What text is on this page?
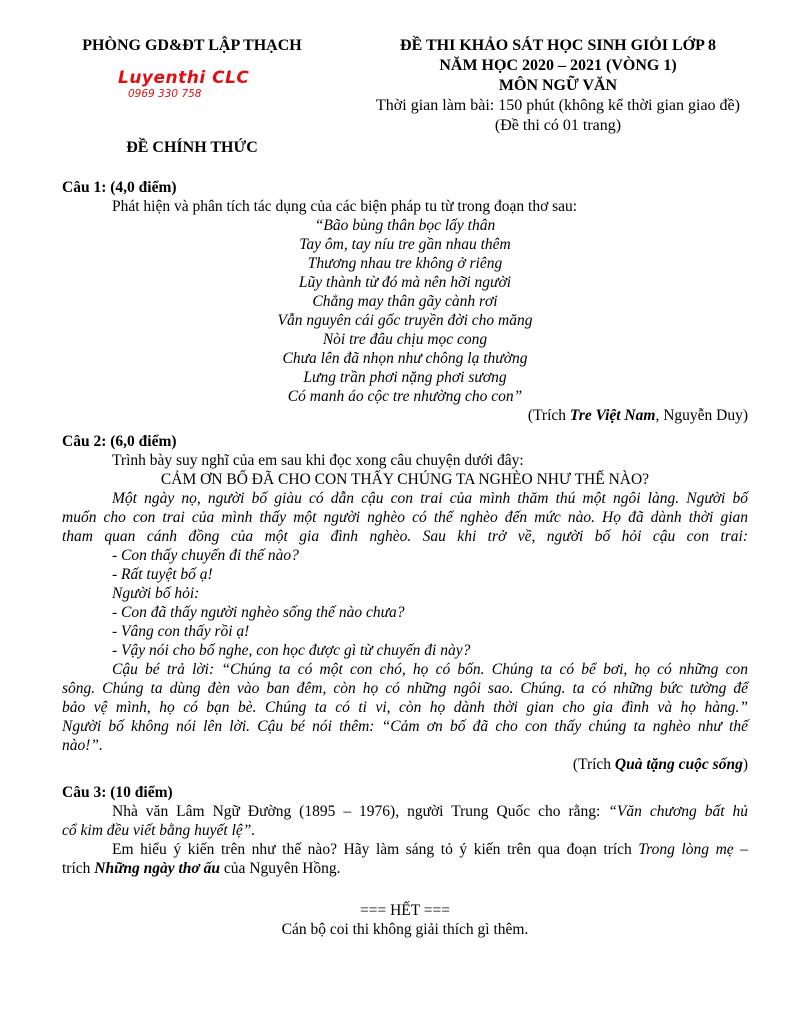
PHÒNG GD&ĐT LẬP THẠCH
Luyenthi CLC
0969 330 758
ĐỀ CHÍNH THỨC
ĐỀ THI KHẢO SÁT HỌC SINH GIỎI LỚP 8
NĂM HỌC 2020 – 2021 (VÒNG 1)
MÔN NGỮ VĂN
Thời gian làm bài: 150 phút (không kể thời gian giao đề)
(Đề thi có 01 trang)
Câu 1: (4,0 điểm)
Phát hiện và phân tích tác dụng của các biện pháp tu từ trong đoạn thơ sau:
“Bão bùng thân bọc lấy thân
Tay ôm, tay níu tre gần nhau thêm
Thương nhau tre không ở riêng
Lũy thành từ đó mà nên hỡi người
Chẳng may thân gãy cành rơi
Vẫn nguyên cái gốc truyền đời cho măng
Nòi tre đâu chịu mọc cong
Chưa lên đã nhọn như chông lạ thường
Lưng trần phơi nặng phơi sương
Có manh áo cộc tre nhường cho con”
(Trích Tre Việt Nam, Nguyễn Duy)
Câu 2: (6,0 điểm)
Trình bày suy nghĩ của em sau khi đọc xong câu chuyện dưới đây:
CẢM ƠN BỐ ĐÃ CHO CON THẤY CHÚNG TA NGHÈO NHƯ THẾ NÀO?
Một ngày nọ, người bố giàu có dẫn cậu con trai của mình thăm thú một ngôi làng. Người bố
muốn cho con trai của mình thấy một người nghèo có thể nghèo đến mức nào. Họ đã dành thời gian
tham quan cánh đồng của một gia đình nghèo. Sau khi trở về, người bố hỏi cậu con trai:
- Con thấy chuyến đi thế nào?
- Rất tuyệt bố ạ!
Người bố hỏi:
- Con đã thấy người nghèo sống thế nào chưa?
- Vâng con thấy rồi ạ!
- Vậy nói cho bố nghe, con học được gì từ chuyến đi này?
Cậu bé trả lời: “Chúng ta có một con chó, họ có bốn. Chúng ta có bể bơi, họ có những con
sông. Chúng ta dùng đèn vào ban đêm, còn họ có những ngôi sao. Chúng. ta có những bức tường để
bảo vệ mình, họ có bạn bè. Chúng ta có ti vi, còn họ dành thời gian cho gia đình và họ hàng.”
Người bố không nói lên lời. Cậu bé nói thêm: “Cảm ơn bố đã cho con thấy chúng ta nghèo như thế
nào!”.
(Trích Quà tặng cuộc sống)
Câu 3: (10 điểm)
Nhà văn Lâm Ngữ Đường (1895 – 1976), người Trung Quốc cho rằng: “Văn chương bất hủ
cổ kim đều viết bằng huyết lệ”.
Em hiểu ý kiến trên như thế nào? Hãy làm sáng tỏ ý kiến trên qua đoạn trích Trong lòng mẹ –
trích Những ngày thơ ấu của Nguyên Hồng.
=== HẾT ===
Cán bộ coi thi không giải thích gì thêm.
